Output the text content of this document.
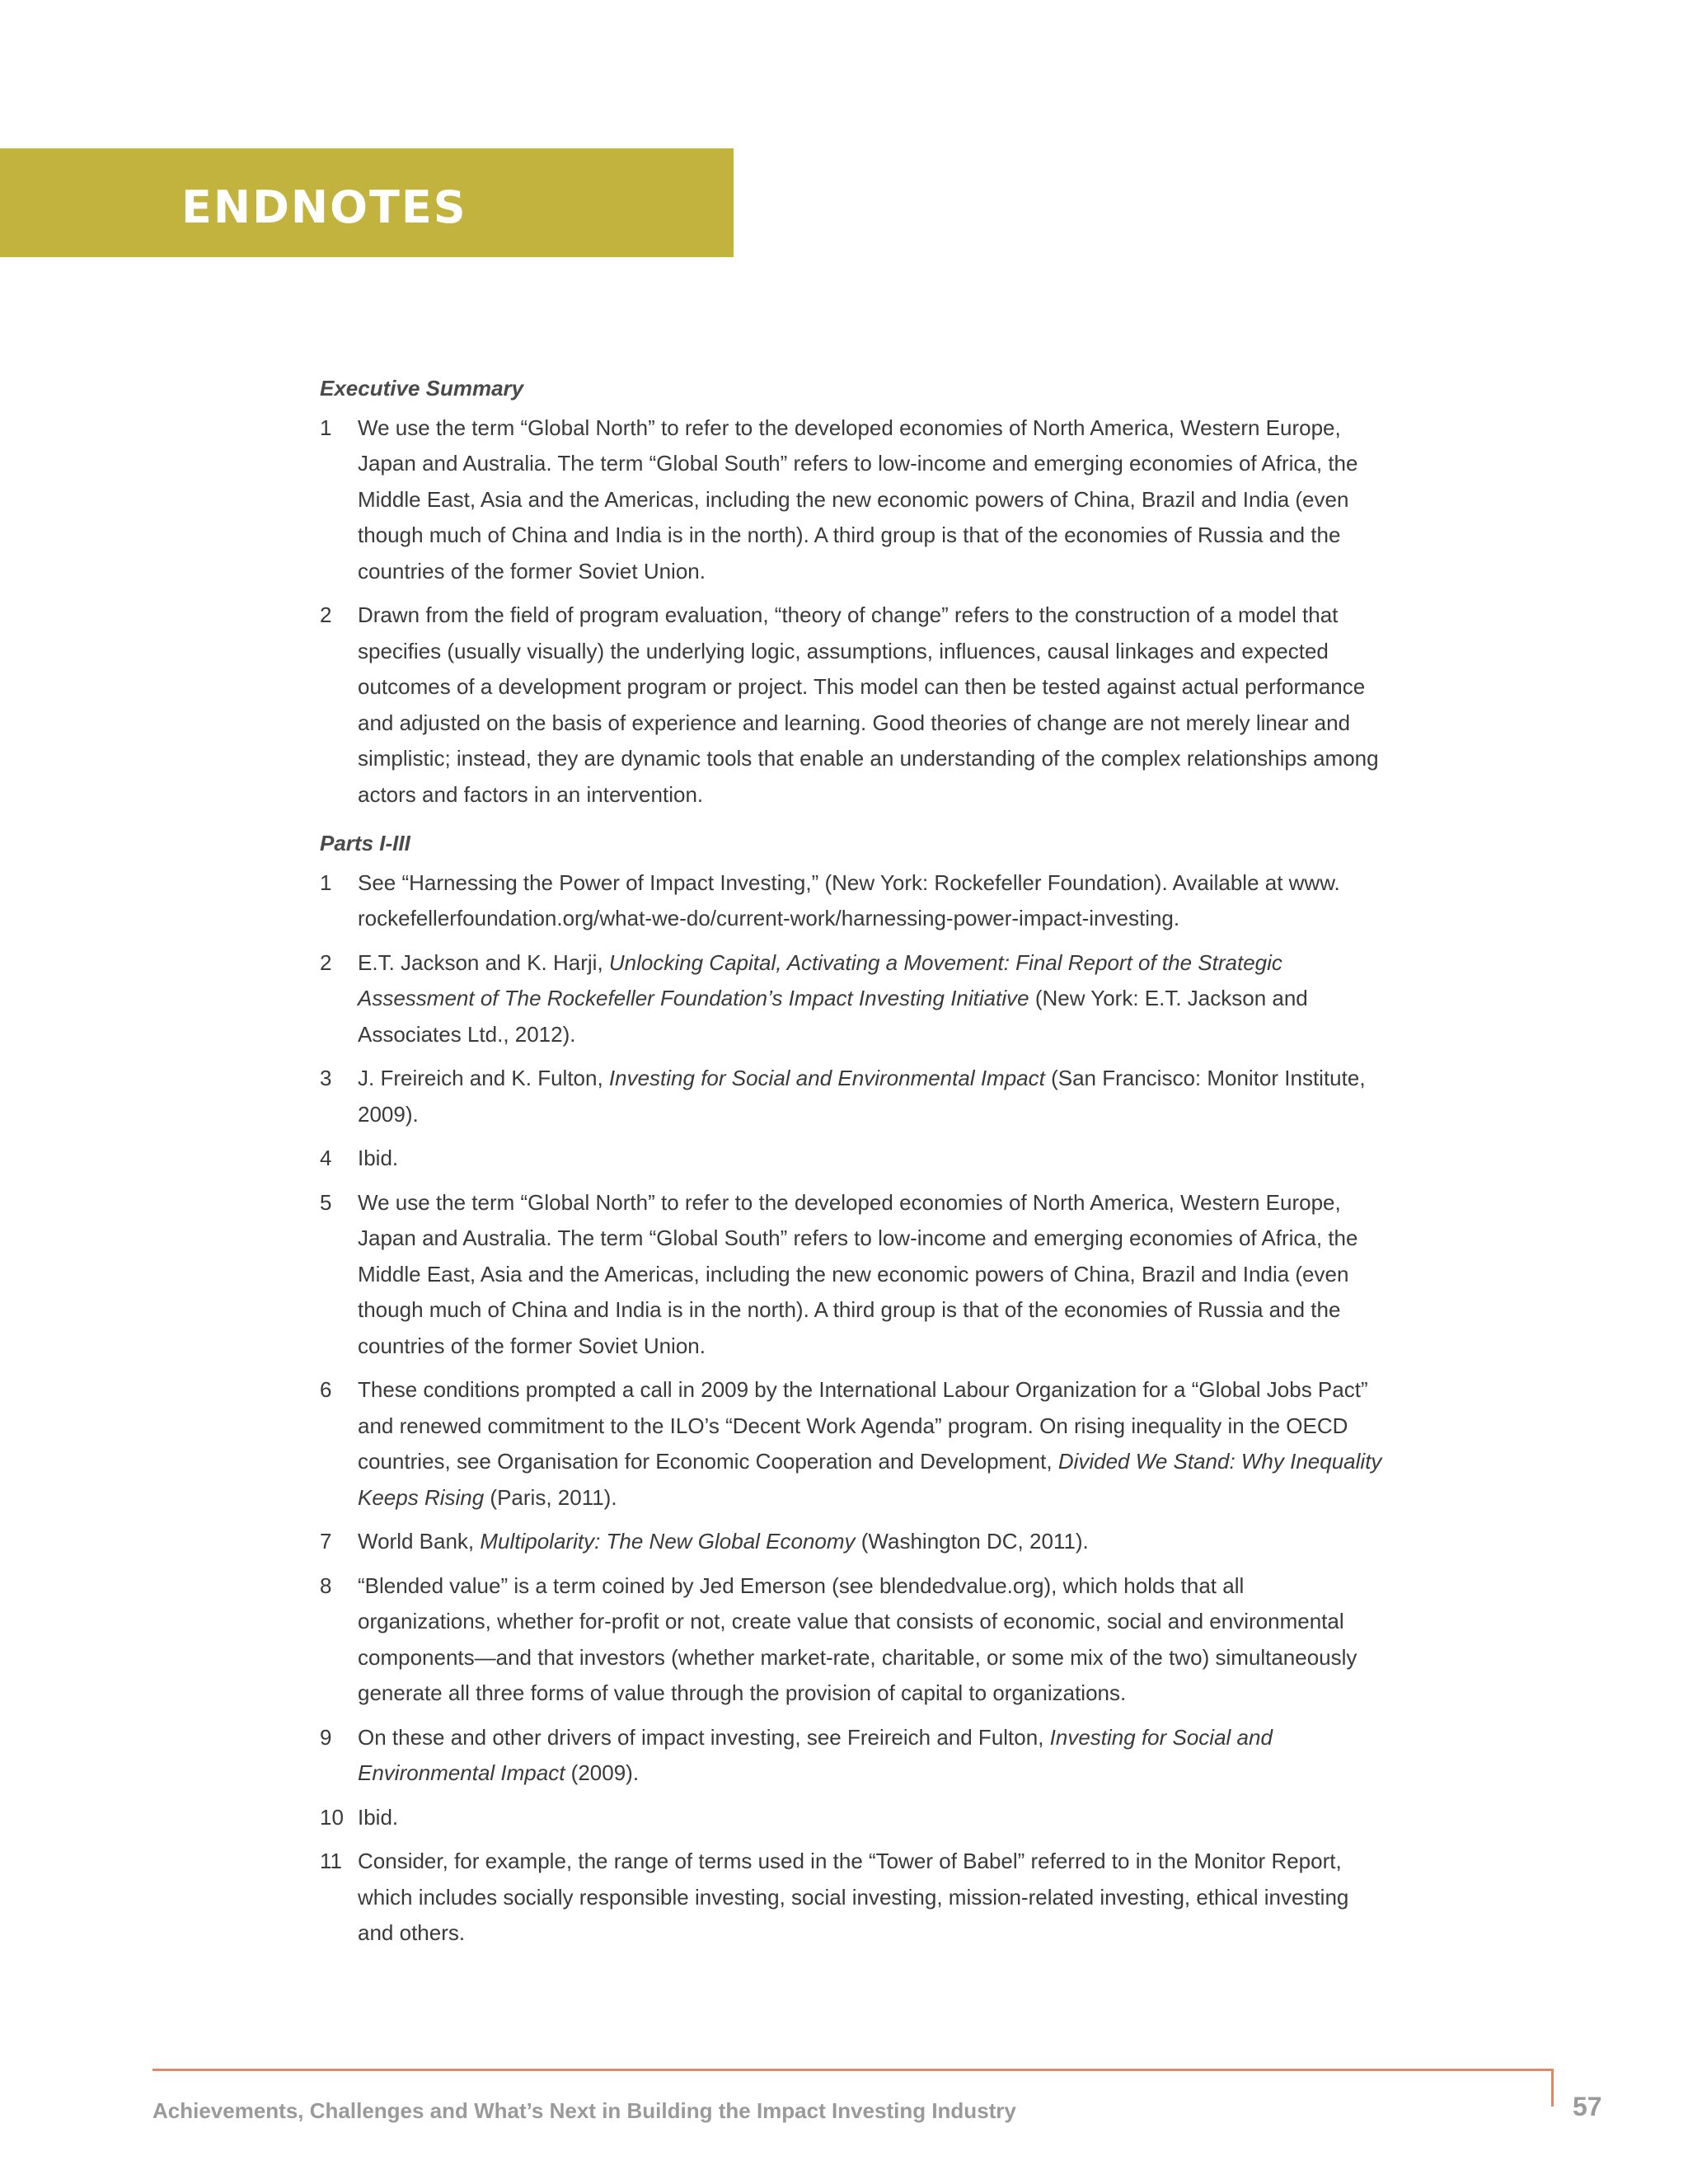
ENDNOTES
Executive Summary
1 We use the term “Global North” to refer to the developed economies of North America, Western Europe, Japan and Australia. The term “Global South” refers to low-income and emerging economies of Africa, the Middle East, Asia and the Americas, including the new economic powers of China, Brazil and India (even though much of China and India is in the north). A third group is that of the economies of Russia and the countries of the former Soviet Union.
2 Drawn from the field of program evaluation, “theory of change” refers to the construction of a model that specifies (usually visually) the underlying logic, assumptions, influences, causal linkages and expected outcomes of a development program or project. This model can then be tested against actual performance and adjusted on the basis of experience and learning. Good theories of change are not merely linear and simplistic; instead, they are dynamic tools that enable an understanding of the complex relationships among actors and factors in an intervention.
Parts I-III
1 See “Harnessing the Power of Impact Investing,” (New York: Rockefeller Foundation). Available at www. rockefellerfoundation.org/what-we-do/current-work/harnessing-power-impact-investing.
2 E.T. Jackson and K. Harji, Unlocking Capital, Activating a Movement: Final Report of the Strategic Assessment of The Rockefeller Foundation’s Impact Investing Initiative (New York: E.T. Jackson and Associates Ltd., 2012).
3 J. Freireich and K. Fulton, Investing for Social and Environmental Impact (San Francisco: Monitor Institute, 2009).
4 Ibid.
5 We use the term “Global North” to refer to the developed economies of North America, Western Europe, Japan and Australia. The term “Global South” refers to low-income and emerging economies of Africa, the Middle East, Asia and the Americas, including the new economic powers of China, Brazil and India (even though much of China and India is in the north). A third group is that of the economies of Russia and the countries of the former Soviet Union.
6 These conditions prompted a call in 2009 by the International Labour Organization for a “Global Jobs Pact” and renewed commitment to the ILO’s “Decent Work Agenda” program. On rising inequality in the OECD countries, see Organisation for Economic Cooperation and Development, Divided We Stand: Why Inequality Keeps Rising (Paris, 2011).
7 World Bank, Multipolarity: The New Global Economy (Washington DC, 2011).
8 “Blended value” is a term coined by Jed Emerson (see blendedvalue.org), which holds that all organizations, whether for-profit or not, create value that consists of economic, social and environmental components—and that investors (whether market-rate, charitable, or some mix of the two) simultaneously generate all three forms of value through the provision of capital to organizations.
9 On these and other drivers of impact investing, see Freireich and Fulton, Investing for Social and Environmental Impact (2009).
10 Ibid.
11 Consider, for example, the range of terms used in the “Tower of Babel” referred to in the Monitor Report, which includes socially responsible investing, social investing, mission-related investing, ethical investing and others.
Achievements, Challenges and What’s Next in Building the Impact Investing Industry	57
